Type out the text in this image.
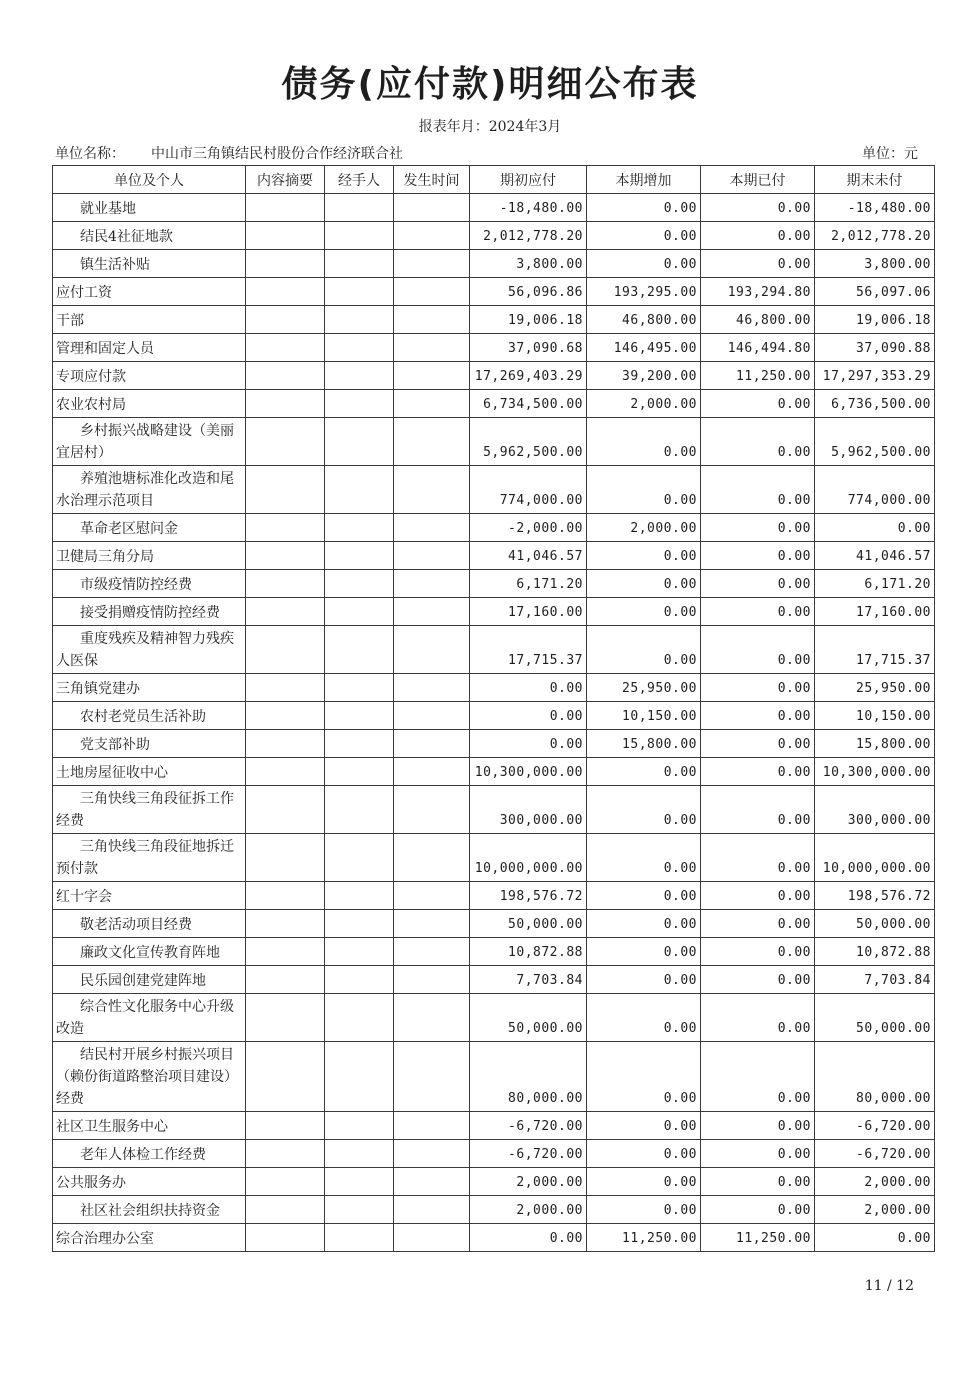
债务(应付款)明细公布表
报表年月：2024年3月
单位名称： 中山市三角镇结民村股份合作经济联合社	单位：元
单位及个人	内容摘要	经手人	发生时间	期初应付	本期增加	本期已付	期末未付
就业基地				-18,480.00	0.00	0.00	-18,480.00
结民4社征地款				2,012,778.20	0.00	0.00	2,012,778.20
镇生活补贴				3,800.00	0.00	0.00	3,800.00
应付工资				56,096.86	193,295.00	193,294.80	56,097.06
干部				19,006.18	46,800.00	46,800.00	19,006.18
管理和固定人员				37,090.68	146,495.00	146,494.80	37,090.88
专项应付款				17,269,403.29	39,200.00	11,250.00	17,297,353.29
农业农村局				6,734,500.00	2,000.00	0.00	6,736,500.00
乡村振兴战略建设（美丽宜居村）				5,962,500.00	0.00	0.00	5,962,500.00
养殖池塘标准化改造和尾水治理示范项目				774,000.00	0.00	0.00	774,000.00
革命老区慰问金				-2,000.00	2,000.00	0.00	0.00
卫健局三角分局				41,046.57	0.00	0.00	41,046.57
市级疫情防控经费				6,171.20	0.00	0.00	6,171.20
接受捐赠疫情防控经费				17,160.00	0.00	0.00	17,160.00
重度残疾及精神智力残疾人医保				17,715.37	0.00	0.00	17,715.37
三角镇党建办				0.00	25,950.00	0.00	25,950.00
农村老党员生活补助				0.00	10,150.00	0.00	10,150.00
党支部补助				0.00	15,800.00	0.00	15,800.00
土地房屋征收中心				10,300,000.00	0.00	0.00	10,300,000.00
三角快线三角段征拆工作经费				300,000.00	0.00	0.00	300,000.00
三角快线三角段征地拆迁预付款				10,000,000.00	0.00	0.00	10,000,000.00
红十字会				198,576.72	0.00	0.00	198,576.72
敬老活动项目经费				50,000.00	0.00	0.00	50,000.00
廉政文化宣传教育阵地				10,872.88	0.00	0.00	10,872.88
民乐园创建党建阵地				7,703.84	0.00	0.00	7,703.84
综合性文化服务中心升级改造				50,000.00	0.00	0.00	50,000.00
结民村开展乡村振兴项目（赖份街道路整治项目建设）经费				80,000.00	0.00	0.00	80,000.00
社区卫生服务中心				-6,720.00	0.00	0.00	-6,720.00
老年人体检工作经费				-6,720.00	0.00	0.00	-6,720.00
公共服务办				2,000.00	0.00	0.00	2,000.00
社区社会组织扶持资金				2,000.00	0.00	0.00	2,000.00
综合治理办公室				0.00	11,250.00	11,250.00	0.00
11 / 12
